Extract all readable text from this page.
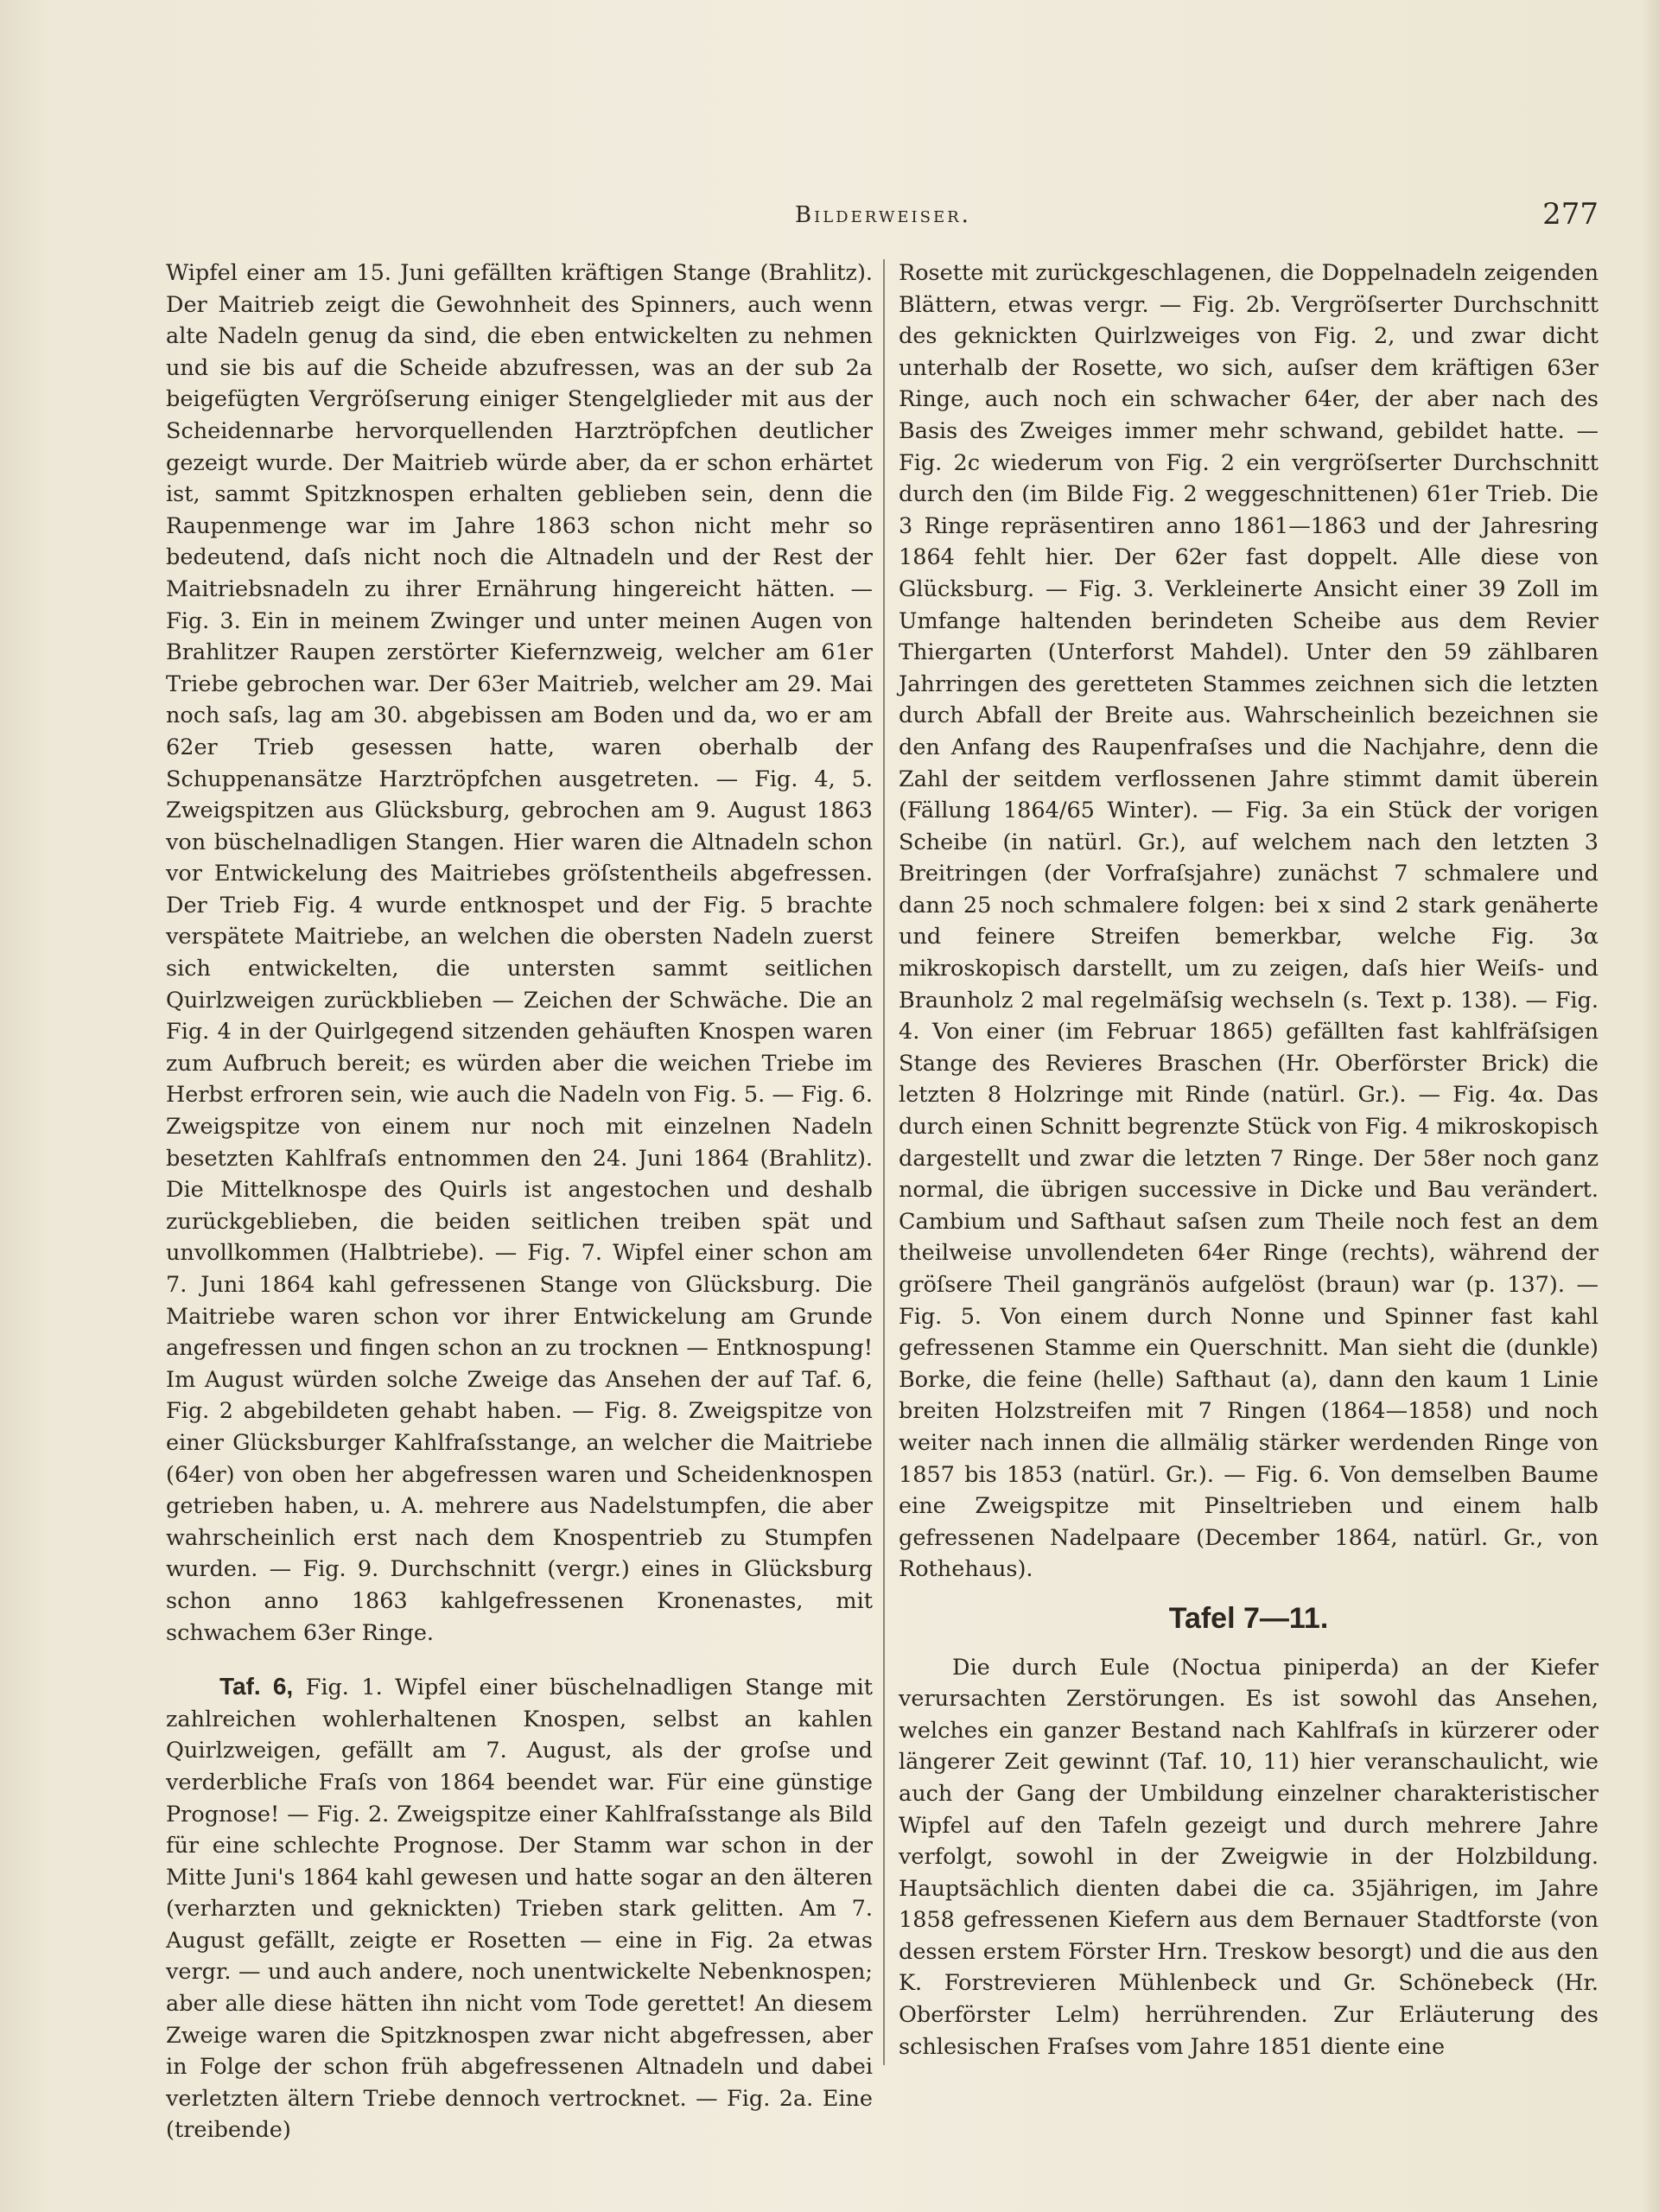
Bilderweiser.	277

Wipfel einer am 15. Juni gefällten kräftigen Stange (Brahlitz). Der Maitrieb zeigt die Gewohnheit des Spinners, auch wenn alte Nadeln genug da sind, die eben entwickelten zu nehmen und sie bis auf die Scheide abzufressen, was an der sub 2a beigefügten Vergröſserung einiger Stengelglieder mit aus der Scheidennarbe hervorquellenden Harztröpfchen deutlicher gezeigt wurde. Der Maitrieb würde aber, da er schon erhärtet ist, sammt Spitzknospen erhalten geblieben sein, denn die Raupenmenge war im Jahre 1863 schon nicht mehr so bedeutend, daſs nicht noch die Altnadeln und der Rest der Maitriebsnadeln zu ihrer Ernährung hingereicht hätten. — Fig. 3. Ein in meinem Zwinger und unter meinen Augen von Brahlitzer Raupen zerstörter Kiefernzweig, welcher am 61er Triebe gebrochen war. Der 63er Maitrieb, welcher am 29. Mai noch saſs, lag am 30. abgebissen am Boden und da, wo er am 62er Trieb gesessen hatte, waren oberhalb der Schuppenansätze Harztröpfchen ausgetreten. — Fig. 4, 5. Zweigspitzen aus Glücksburg, gebrochen am 9. August 1863 von büschelnadligen Stangen. Hier waren die Altnadeln schon vor Entwickelung des Maitriebes gröſstentheils abgefressen. Der Trieb Fig. 4 wurde entknospet und der Fig. 5 brachte verspätete Maitriebe, an welchen die obersten Nadeln zuerst sich entwickelten, die untersten sammt seitlichen Quirlzweigen zurückblieben — Zeichen der Schwäche. Die an Fig. 4 in der Quirlgegend sitzenden gehäuften Knospen waren zum Aufbruch bereit; es würden aber die weichen Triebe im Herbst erfroren sein, wie auch die Nadeln von Fig. 5. — Fig. 6. Zweigspitze von einem nur noch mit einzelnen Nadeln besetzten Kahlfraſs entnommen den 24. Juni 1864 (Brahlitz). Die Mittelknospe des Quirls ist angestochen und deshalb zurückgeblieben, die beiden seitlichen treiben spät und unvollkommen (Halbtriebe). — Fig. 7. Wipfel einer schon am 7. Juni 1864 kahl gefressenen Stange von Glücksburg. Die Maitriebe waren schon vor ihrer Entwickelung am Grunde angefressen und fingen schon an zu trocknen — Entknospung! Im August würden solche Zweige das Ansehen der auf Taf. 6, Fig. 2 abgebildeten gehabt haben. — Fig. 8. Zweigspitze von einer Glücksburger Kahlfraſsstange, an welcher die Maitriebe (64er) von oben her abgefressen waren und Scheidenknospen getrieben haben, u. A. mehrere aus Nadelstumpfen, die aber wahrscheinlich erst nach dem Knospentrieb zu Stumpfen wurden. — Fig. 9. Durchschnitt (vergr.) eines in Glücksburg schon anno 1863 kahlgefressenen Kronenastes, mit schwachem 63er Ringe.

Taf. 6, Fig. 1. Wipfel einer büschelnadligen Stange mit zahlreichen wohlerhaltenen Knospen, selbst an kahlen Quirlzweigen, gefällt am 7. August, als der groſse und verderbliche Fraſs von 1864 beendet war. Für eine günstige Prognose! — Fig. 2. Zweigspitze einer Kahlfraſsstange als Bild für eine schlechte Prognose. Der Stamm war schon in der Mitte Juni's 1864 kahl gewesen und hatte sogar an den älteren (verharzten und geknickten) Trieben stark gelitten. Am 7. August gefällt, zeigte er Rosetten — eine in Fig. 2a etwas vergr. — und auch andere, noch unentwickelte Nebenknospen; aber alle diese hätten ihn nicht vom Tode gerettet! An diesem Zweige waren die Spitzknospen zwar nicht abgefressen, aber in Folge der schon früh abgefressenen Altnadeln und dabei verletzten ältern Triebe dennoch vertrocknet. — Fig. 2a. Eine (treibende)

Rosette mit zurückgeschlagenen, die Doppelnadeln zeigenden Blättern, etwas vergr. — Fig. 2b. Vergröſserter Durchschnitt des geknickten Quirlzweiges von Fig. 2, und zwar dicht unterhalb der Rosette, wo sich, auſser dem kräftigen 63er Ringe, auch noch ein schwacher 64er, der aber nach des Basis des Zweiges immer mehr schwand, gebildet hatte. — Fig. 2c wiederum von Fig. 2 ein vergröſserter Durchschnitt durch den (im Bilde Fig. 2 weggeschnittenen) 61er Trieb. Die 3 Ringe repräsentiren anno 1861—1863 und der Jahresring 1864 fehlt hier. Der 62er fast doppelt. Alle diese von Glücksburg. — Fig. 3. Verkleinerte Ansicht einer 39 Zoll im Umfange haltenden berindeten Scheibe aus dem Revier Thiergarten (Unterforst Mahdel). Unter den 59 zählbaren Jahrringen des geretteten Stammes zeichnen sich die letzten durch Abfall der Breite aus. Wahrscheinlich bezeichnen sie den Anfang des Raupenfraſses und die Nachjahre, denn die Zahl der seitdem verflossenen Jahre stimmt damit überein (Fällung 1864/65 Winter). — Fig. 3a ein Stück der vorigen Scheibe (in natürl. Gr.), auf welchem nach den letzten 3 Breitringen (der Vorfraſsjahre) zunächst 7 schmalere und dann 25 noch schmalere folgen: bei x sind 2 stark genäherte und feinere Streifen bemerkbar, welche Fig. 3α mikroskopisch darstellt, um zu zeigen, daſs hier Weiſs- und Braunholz 2 mal regelmäſsig wechseln (s. Text p. 138). — Fig. 4. Von einer (im Februar 1865) gefällten fast kahlfräſsigen Stange des Revieres Braschen (Hr. Oberförster Brick) die letzten 8 Holzringe mit Rinde (natürl. Gr.). — Fig. 4α. Das durch einen Schnitt begrenzte Stück von Fig. 4 mikroskopisch dargestellt und zwar die letzten 7 Ringe. Der 58er noch ganz normal, die übrigen successive in Dicke und Bau verändert. Cambium und Safthaut saſsen zum Theile noch fest an dem theilweise unvollendeten 64er Ringe (rechts), während der gröſsere Theil gangränös aufgelöst (braun) war (p. 137). — Fig. 5. Von einem durch Nonne und Spinner fast kahl gefressenen Stamme ein Querschnitt. Man sieht die (dunkle) Borke, die feine (helle) Safthaut (a), dann den kaum 1 Linie breiten Holzstreifen mit 7 Ringen (1864—1858) und noch weiter nach innen die allmälig stärker werdenden Ringe von 1857 bis 1853 (natürl. Gr.). — Fig. 6. Von demselben Baume eine Zweigspitze mit Pinseltrieben und einem halb gefressenen Nadelpaare (December 1864, natürl. Gr., von Rothehaus).

Tafel 7—11.

Die durch Eule (Noctua piniperda) an der Kiefer verursachten Zerstörungen. Es ist sowohl das Ansehen, welches ein ganzer Bestand nach Kahlfraſs in kürzerer oder längerer Zeit gewinnt (Taf. 10, 11) hier veranschaulicht, wie auch der Gang der Umbildung einzelner charakteristischer Wipfel auf den Tafeln gezeigt und durch mehrere Jahre verfolgt, sowohl in der Zweigwie in der Holzbildung. Hauptsächlich dienten dabei die ca. 35jährigen, im Jahre 1858 gefressenen Kiefern aus dem Bernauer Stadtforste (von dessen erstem Förster Hrn. Treskow besorgt) und die aus den K. Forstrevieren Mühlenbeck und Gr. Schönebeck (Hr. Oberförster Lelm) herrührenden. Zur Erläuterung des schlesischen Fraſses vom Jahre 1851 diente eine
